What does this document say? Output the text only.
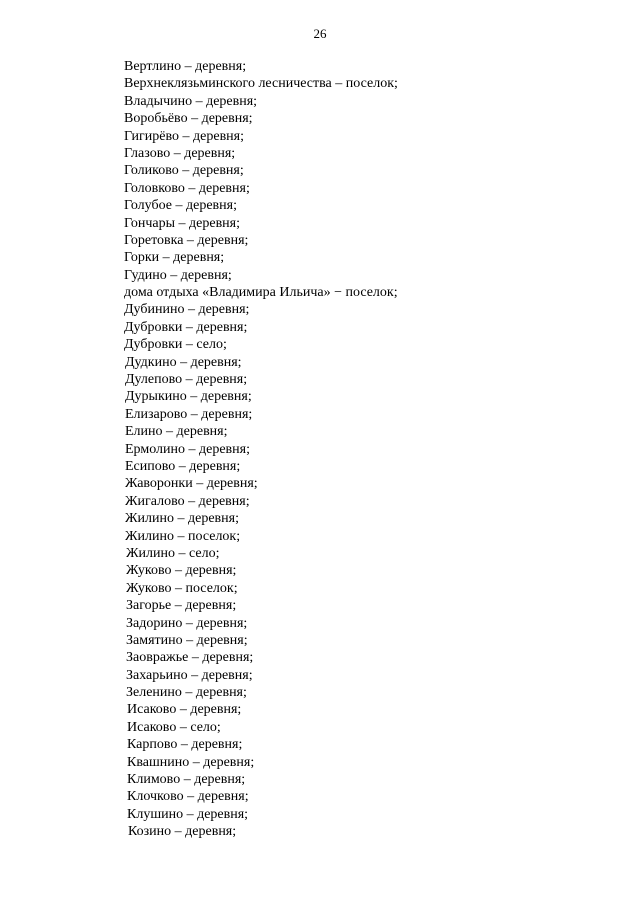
26
Вертлино – деревня;
Верхнеклязьминского лесничества – поселок;
Владычино – деревня;
Воробьёво – деревня;
Гигирёво – деревня;
Глазово – деревня;
Голиково – деревня;
Головково – деревня;
Голубое – деревня;
Гончары – деревня;
Горетовка – деревня;
Горки – деревня;
Гудино – деревня;
дома отдыха «Владимира Ильича» − поселок;
Дубинино – деревня;
Дубровки – деревня;
Дубровки – село;
Дудкино – деревня;
Дулепово – деревня;
Дурыкино – деревня;
Елизарово – деревня;
Елино – деревня;
Ермолино – деревня;
Есипово – деревня;
Жаворонки – деревня;
Жигалово – деревня;
Жилино – деревня;
Жилино – поселок;
Жилино – село;
Жуково – деревня;
Жуково – поселок;
Загорье – деревня;
Задорино – деревня;
Замятино – деревня;
Заовражье – деревня;
Захарьино – деревня;
Зеленино – деревня;
Исаково – деревня;
Исаково – село;
Карпово – деревня;
Квашнино – деревня;
Климово – деревня;
Клочково – деревня;
Клушино – деревня;
Козино – деревня;
